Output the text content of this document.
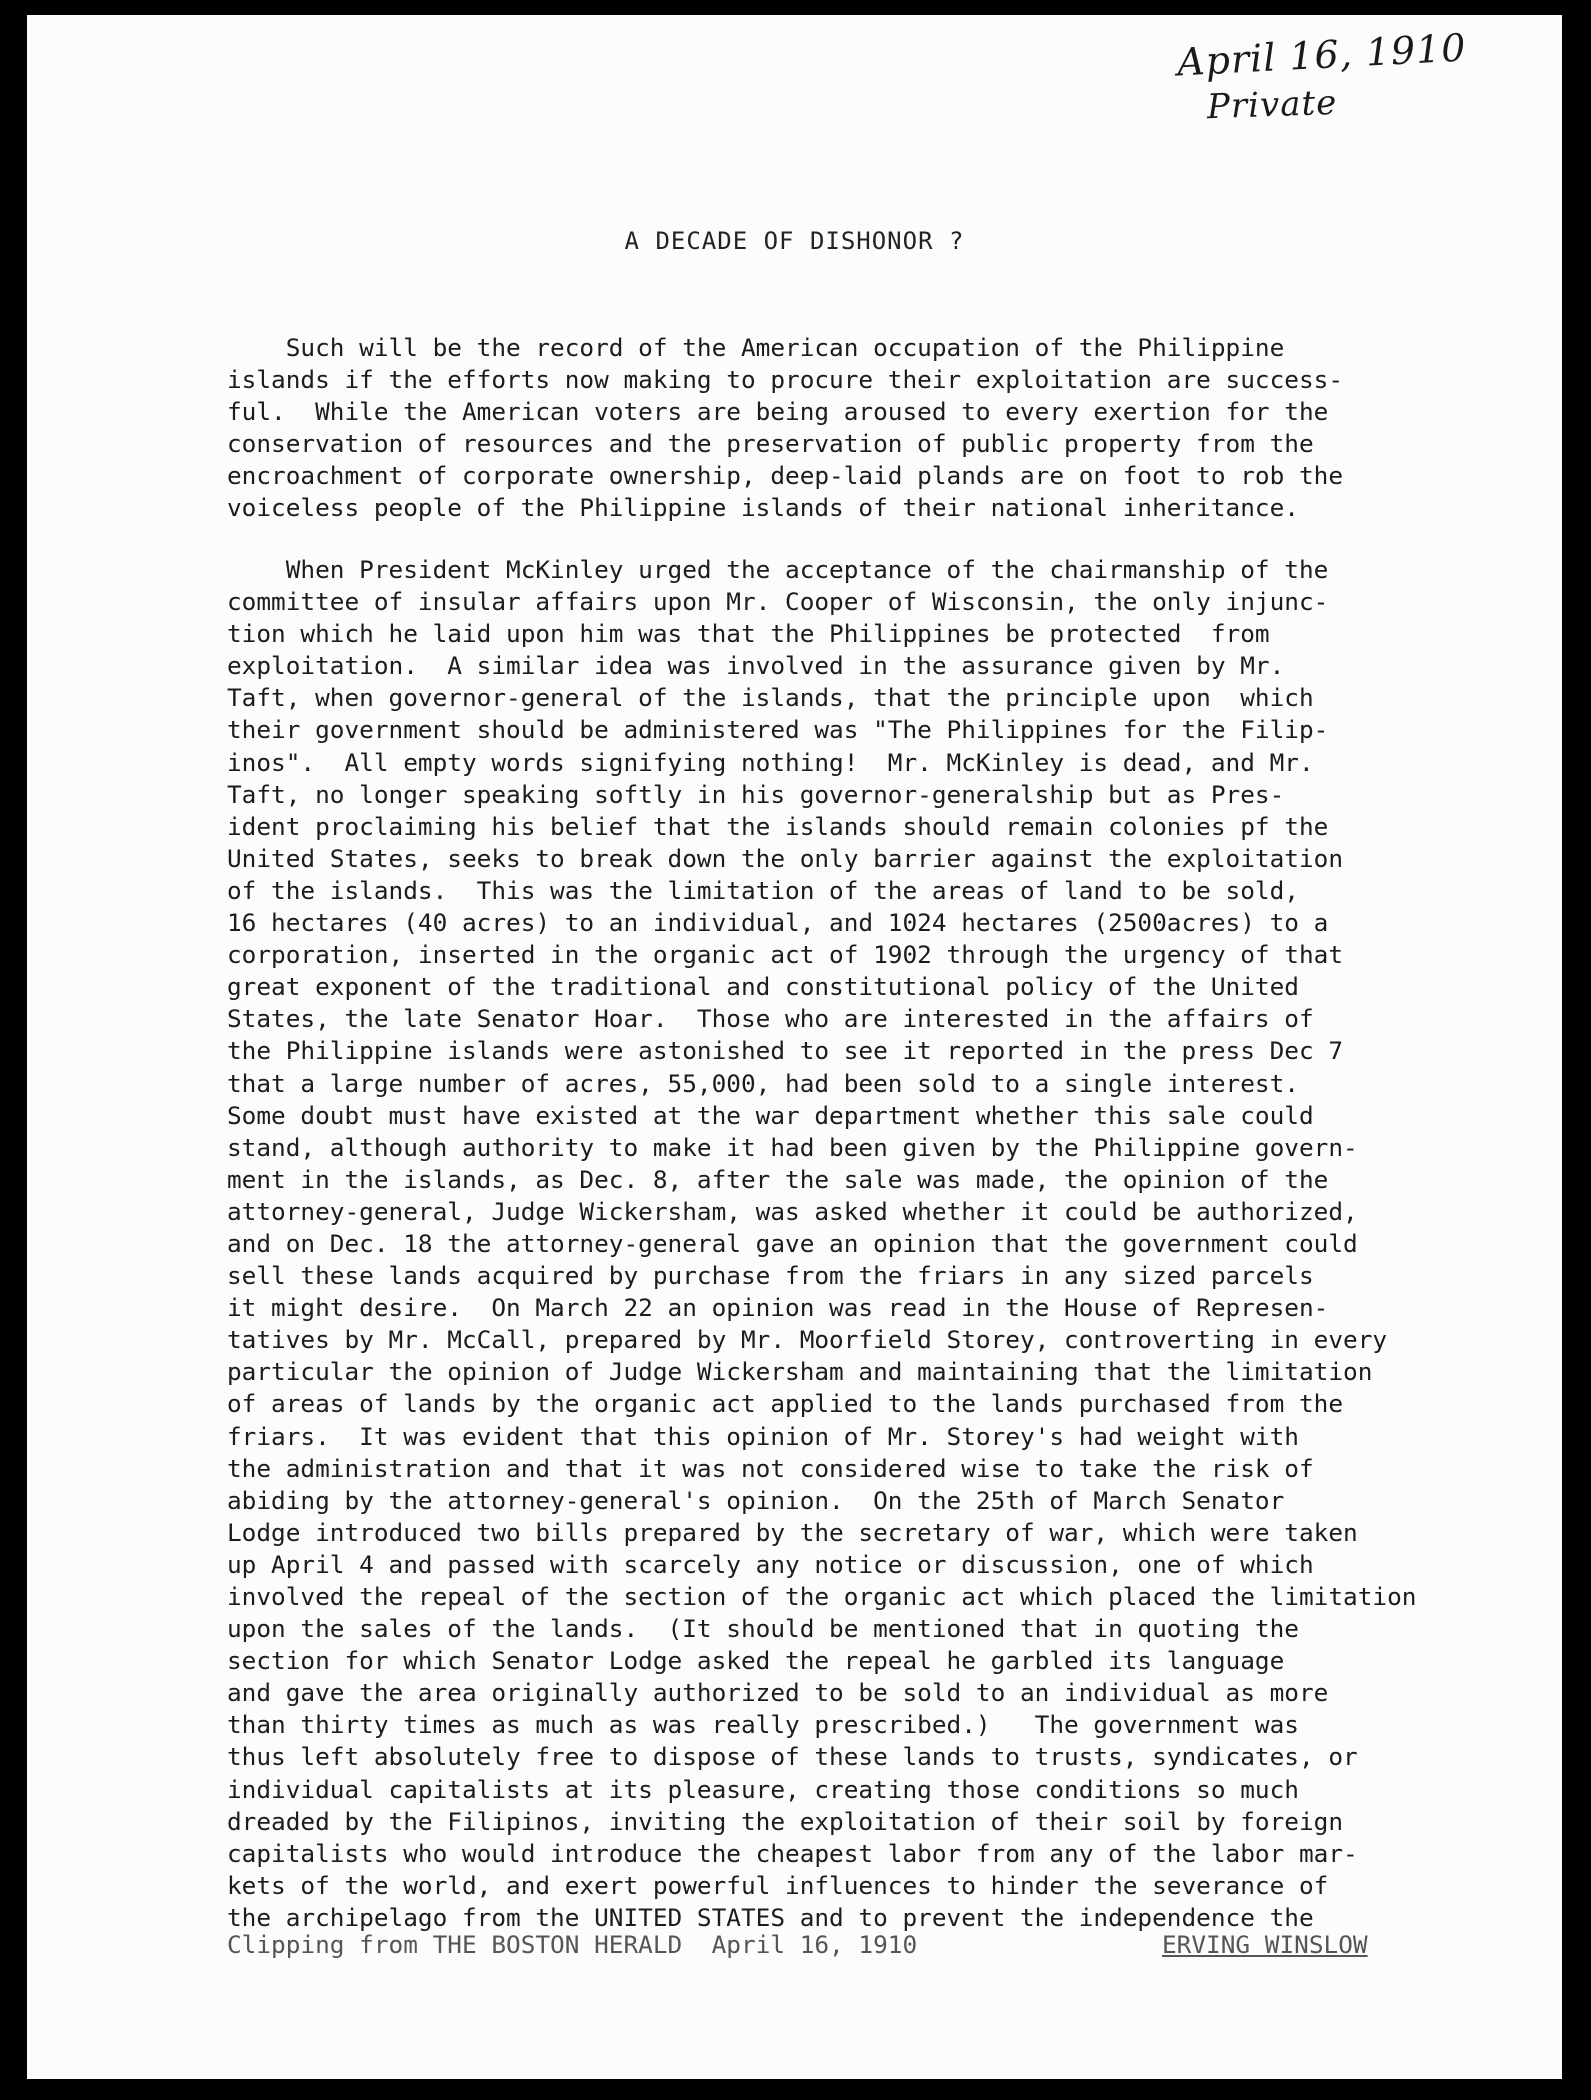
April 16, 1910
Private
A DECADE OF DISHONOR ?
Such will be the record of the American occupation of the Philippine
islands if the efforts now making to procure their exploitation are success-
ful.  While the American voters are being aroused to every exertion for the
conservation of resources and the preservation of public property from the
encroachment of corporate ownership, deep-laid plands are on foot to rob the
voiceless people of the Philippine islands of their national inheritance.
When President McKinley urged the acceptance of the chairmanship of the
committee of insular affairs upon Mr. Cooper of Wisconsin, the only injunc-
tion which he laid upon him was that the Philippines be protected  from
exploitation.  A similar idea was involved in the assurance given by Mr.
Taft, when governor-general of the islands, that the principle upon  which
their government should be administered was "The Philippines for the Filip-
inos".  All empty words signifying nothing!  Mr. McKinley is dead, and Mr.
Taft, no longer speaking softly in his governor-generalship but as Pres-
ident proclaiming his belief that the islands should remain colonies pf the
United States, seeks to break down the only barrier against the exploitation
of the islands.  This was the limitation of the areas of land to be sold,
16 hectares (40 acres) to an individual, and 1024 hectares (2500acres) to a
corporation, inserted in the organic act of 1902 through the urgency of that
great exponent of the traditional and constitutional policy of the United
States, the late Senator Hoar.  Those who are interested in the affairs of
the Philippine islands were astonished to see it reported in the press Dec 7
that a large number of acres, 55,000, had been sold to a single interest.
Some doubt must have existed at the war department whether this sale could
stand, although authority to make it had been given by the Philippine govern-
ment in the islands, as Dec. 8, after the sale was made, the opinion of the
attorney-general, Judge Wickersham, was asked whether it could be authorized,
and on Dec. 18 the attorney-general gave an opinion that the government could
sell these lands acquired by purchase from the friars in any sized parcels
it might desire.  On March 22 an opinion was read in the House of Represen-
tatives by Mr. McCall, prepared by Mr. Moorfield Storey, controverting in every
particular the opinion of Judge Wickersham and maintaining that the limitation
of areas of lands by the organic act applied to the lands purchased from the
friars.  It was evident that this opinion of Mr. Storey's had weight with
the administration and that it was not considered wise to take the risk of
abiding by the attorney-general's opinion.  On the 25th of March Senator
Lodge introduced two bills prepared by the secretary of war, which were taken
up April 4 and passed with scarcely any notice or discussion, one of which
involved the repeal of the section of the organic act which placed the limitation
upon the sales of the lands.  (It should be mentioned that in quoting the
section for which Senator Lodge asked the repeal he garbled its language
and gave the area originally authorized to be sold to an individual as more
than thirty times as much as was really prescribed.)   The government was
thus left absolutely free to dispose of these lands to trusts, syndicates, or
individual capitalists at its pleasure, creating those conditions so much
dreaded by the Filipinos, inviting the exploitation of their soil by foreign
capitalists who would introduce the cheapest labor from any of the labor mar-
kets of the world, and exert powerful influences to hinder the severance of
the archipelago from the UNITED STATES and to prevent the independence the
Clipping from THE BOSTON HERALD  April 16, 1910	ERVING WINSLOW
